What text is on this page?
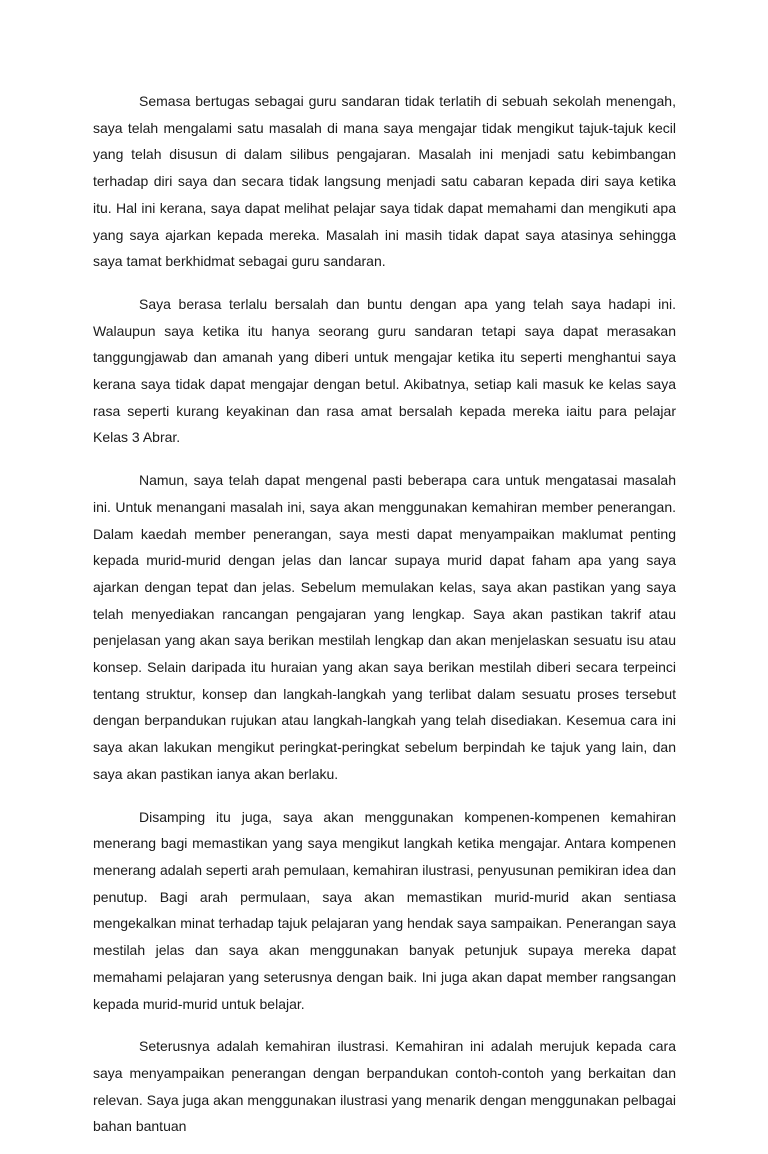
Semasa bertugas sebagai guru sandaran tidak terlatih di sebuah sekolah menengah, saya telah mengalami satu masalah di mana saya mengajar tidak mengikut tajuk-tajuk kecil yang telah disusun di dalam silibus pengajaran. Masalah ini menjadi satu kebimbangan terhadap diri saya dan secara tidak langsung menjadi satu cabaran kepada diri saya ketika itu. Hal ini kerana, saya dapat melihat pelajar saya tidak dapat memahami dan mengikuti apa yang saya ajarkan kepada mereka. Masalah ini masih tidak dapat saya atasinya sehingga saya tamat berkhidmat sebagai guru sandaran.

Saya berasa terlalu bersalah dan buntu dengan apa yang telah saya hadapi ini. Walaupun saya ketika itu hanya seorang guru sandaran tetapi saya dapat merasakan tanggungjawab dan amanah yang diberi untuk mengajar ketika itu seperti menghantui saya kerana saya tidak dapat mengajar dengan betul. Akibatnya, setiap kali masuk ke kelas saya rasa seperti kurang keyakinan dan rasa amat bersalah kepada mereka iaitu para pelajar Kelas 3 Abrar.

Namun, saya telah dapat mengenal pasti beberapa cara untuk mengatasai masalah ini. Untuk menangani masalah ini, saya akan menggunakan kemahiran member penerangan. Dalam kaedah member penerangan, saya mesti dapat menyampaikan maklumat penting kepada murid-murid dengan jelas dan lancar supaya murid dapat faham apa yang saya ajarkan dengan tepat dan jelas. Sebelum memulakan kelas, saya akan pastikan yang saya telah menyediakan rancangan pengajaran yang lengkap. Saya akan pastikan takrif atau penjelasan yang akan saya berikan mestilah lengkap dan akan menjelaskan sesuatu isu atau konsep. Selain daripada itu huraian yang akan saya berikan mestilah diberi secara terpeinci tentang struktur, konsep dan langkah-langkah yang terlibat dalam sesuatu proses tersebut dengan berpandukan rujukan atau langkah-langkah yang telah disediakan. Kesemua cara ini saya akan lakukan mengikut peringkat-peringkat sebelum berpindah ke tajuk yang lain, dan saya akan pastikan ianya akan berlaku.

Disamping itu juga, saya akan menggunakan kompenen-kompenen kemahiran menerang bagi memastikan yang saya mengikut langkah ketika mengajar. Antara kompenen menerang adalah seperti arah pemulaan, kemahiran ilustrasi, penyusunan pemikiran idea dan penutup. Bagi arah permulaan, saya akan memastikan murid-murid akan sentiasa mengekalkan minat terhadap tajuk pelajaran yang hendak saya sampaikan. Penerangan saya mestilah jelas dan saya akan menggunakan banyak petunjuk supaya mereka dapat memahami pelajaran yang seterusnya dengan baik. Ini juga akan dapat member rangsangan kepada murid-murid untuk belajar.

Seterusnya adalah kemahiran ilustrasi. Kemahiran ini adalah merujuk kepada cara saya menyampaikan penerangan dengan berpandukan contoh-contoh yang berkaitan dan relevan. Saya juga akan menggunakan ilustrasi yang menarik dengan menggunakan pelbagai bahan bantuan
